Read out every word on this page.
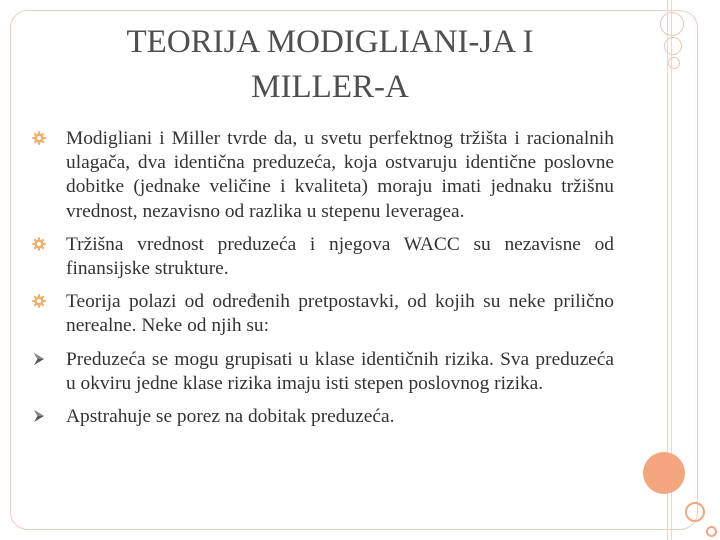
TEORIJA MODIGLIANI-JA I
MILLER-A
Modigliani i Miller tvrde da, u svetu perfektnog tržišta i racionalnih ulagača, dva identična preduzeća, koja ostvaruju identične poslovne dobitke (jednake veličine i kvaliteta) moraju imati jednaku tržišnu vrednost, nezavisno od razlika u stepenu leveragea.
Tržišna vrednost preduzeća i njegova WACC su nezavisne od finansijske strukture.
Teorija polazi od određenih pretpostavki, od kojih su neke prilično nerealne. Neke od njih su:
Preduzeća se mogu grupisati u klase identičnih rizika. Sva preduzeća u okviru jedne klase rizika imaju isti stepen poslovnog rizika.
Apstrahuje se porez na dobitak preduzeća.
